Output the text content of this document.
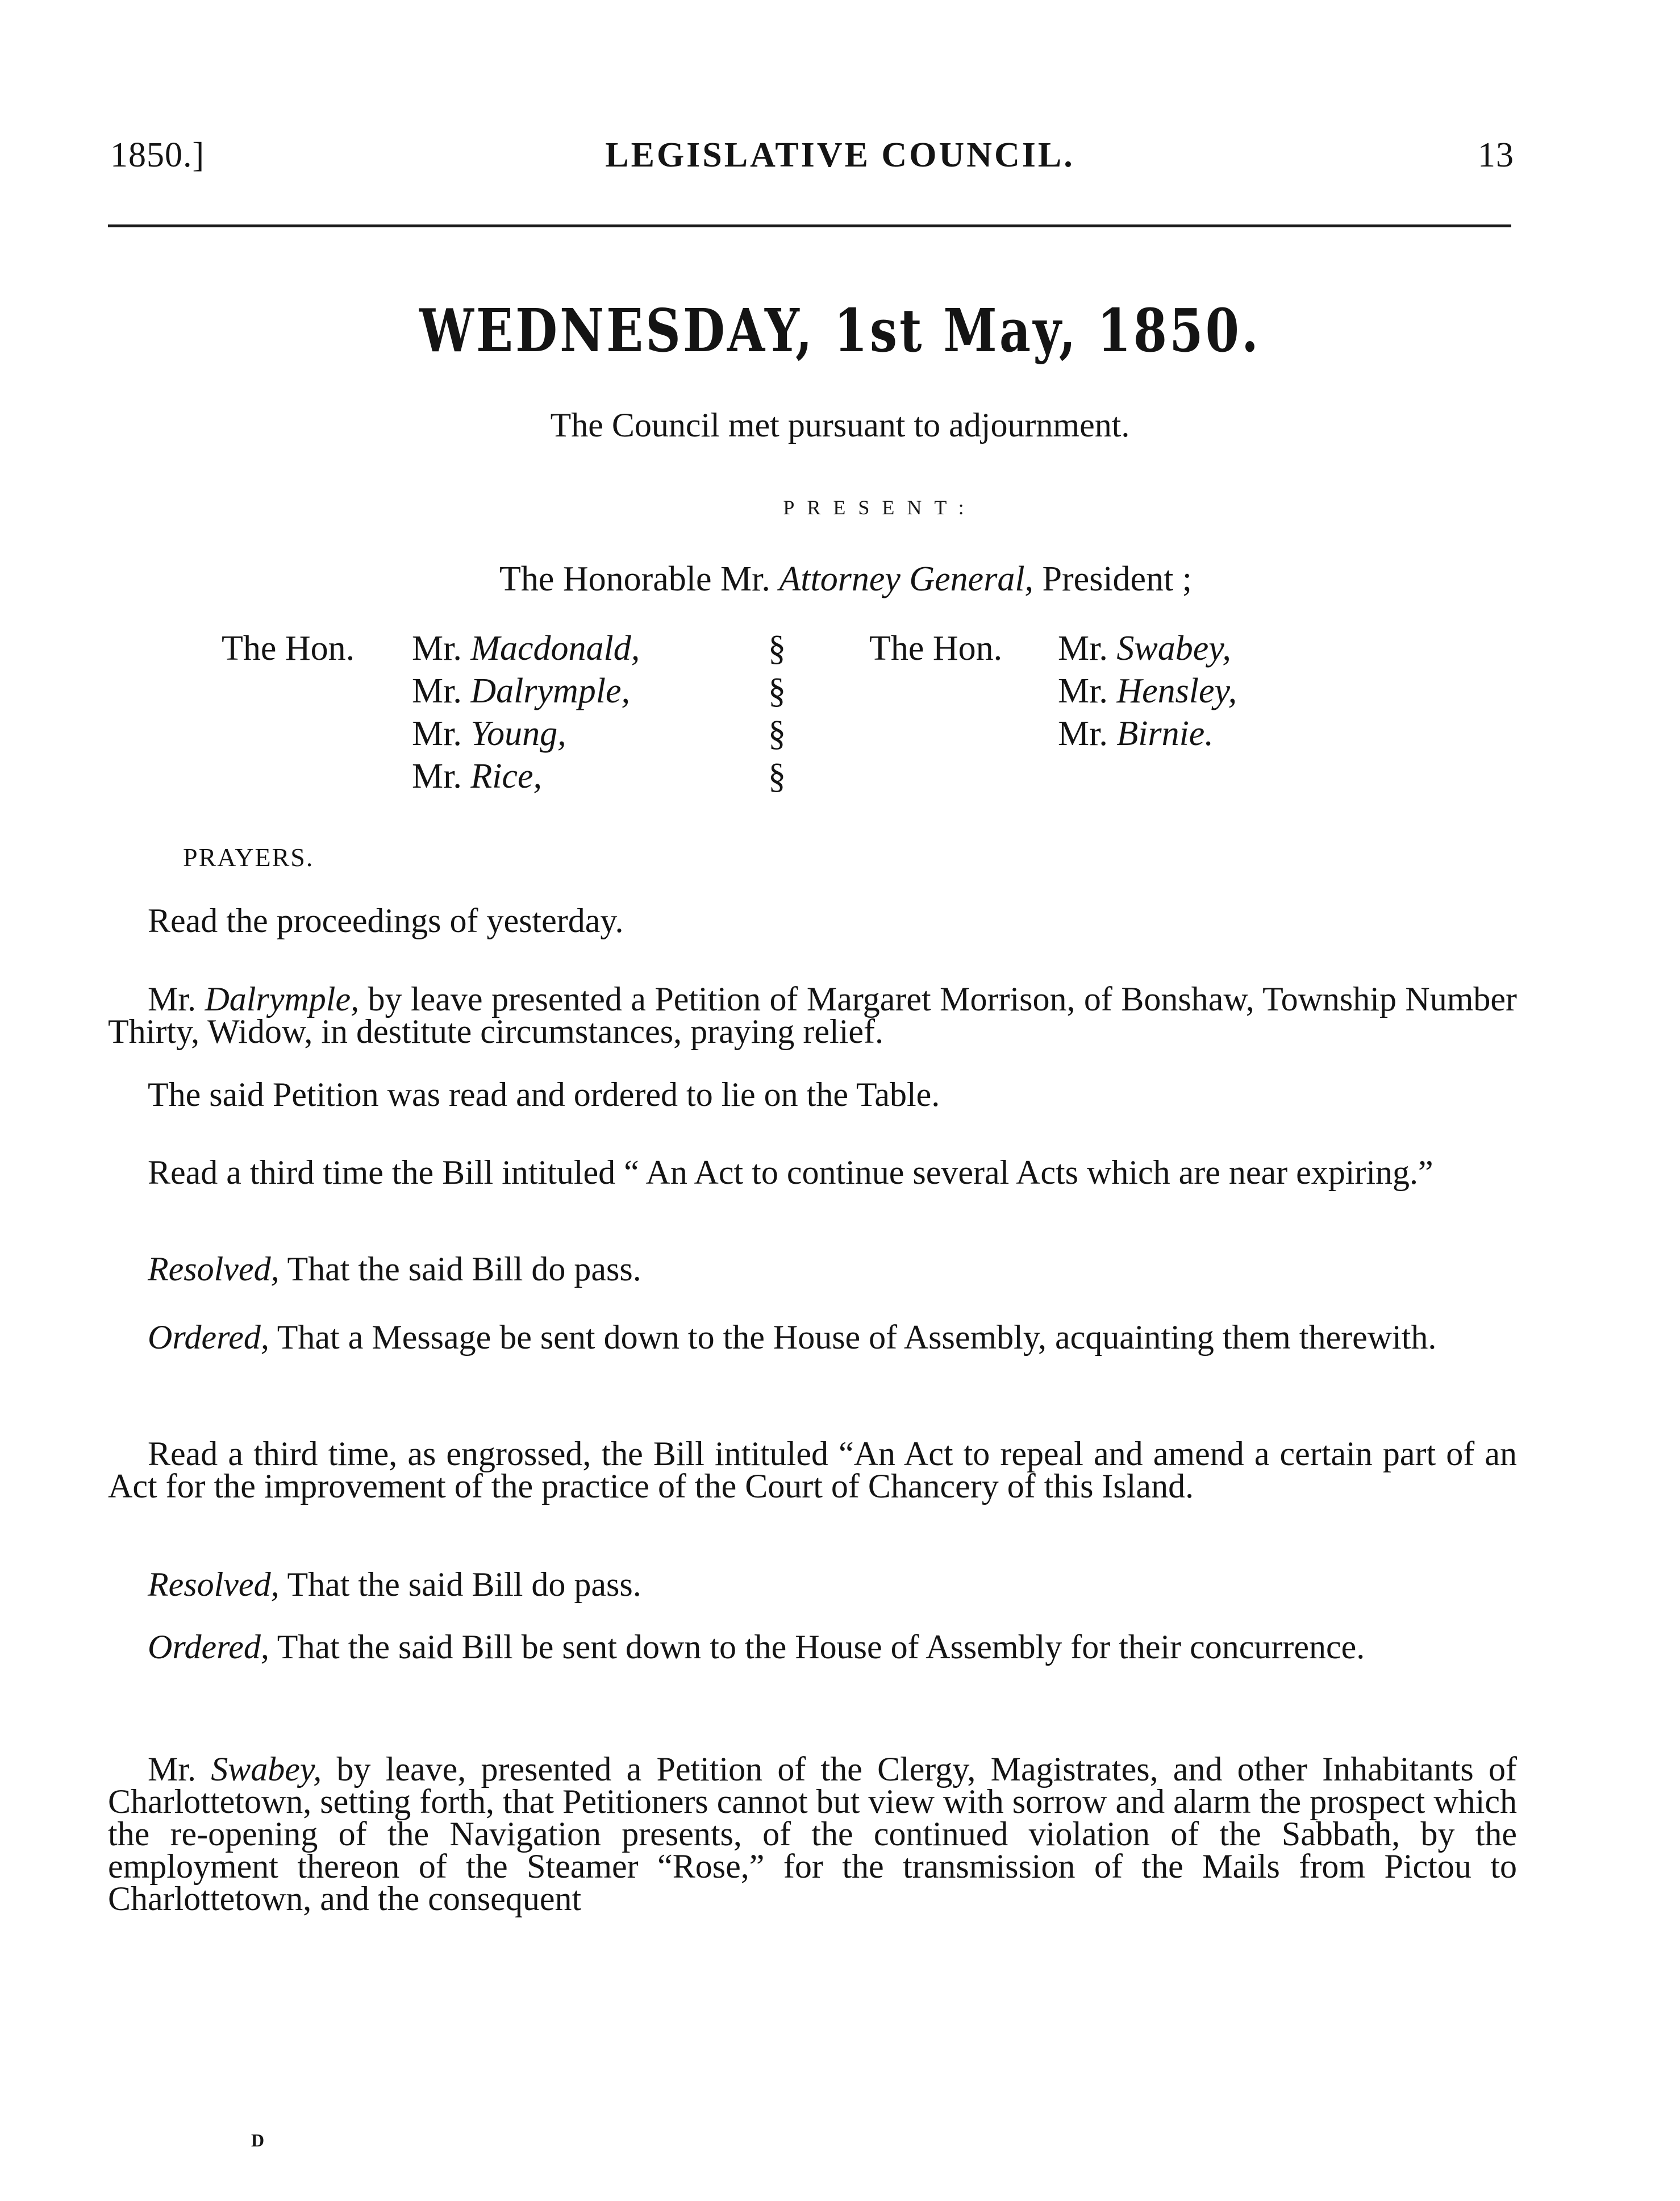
1850.]	LEGISLATIVE COUNCIL.	13
WEDNESDAY, 1st May, 1850.
The Council met pursuant to adjournment.
PRESENT:
The Honorable Mr. Attorney General, President ;
The Hon. Mr. Macdonald,
Mr. Dalrymple,
Mr. Young,
Mr. Rice,
§
§
§
§
The Hon. Mr. Swabey,
Mr. Hensley,
Mr. Birnie.
PRAYERS.
Read the proceedings of yesterday.
Mr. Dalrymple, by leave presented a Petition of Margaret Morrison, of Bonshaw, Township Number Thirty, Widow, in destitute circumstances, praying relief.
The said Petition was read and ordered to lie on the Table.
Read a third time the Bill intituled “ An Act to continue several Acts which are near expiring.”
Resolved, That the said Bill do pass.
Ordered, That a Message be sent down to the House of Assembly, acquainting them therewith.
Read a third time, as engrossed, the Bill intituled “An Act to repeal and amend a certain part of an Act for the improvement of the practice of the Court of Chancery of this Island.
Resolved, That the said Bill do pass.
Ordered, That the said Bill be sent down to the House of Assembly for their concurrence.
Mr. Swabey, by leave, presented a Petition of the Clergy, Magistrates, and other Inhabitants of Charlottetown, setting forth, that Petitioners cannot but view with sorrow and alarm the prospect which the re-opening of the Navigation presents, of the continued violation of the Sabbath, by the employment thereon of the Steamer “Rose,” for the transmission of the Mails from Pictou to Charlottetown, and the consequent
D
